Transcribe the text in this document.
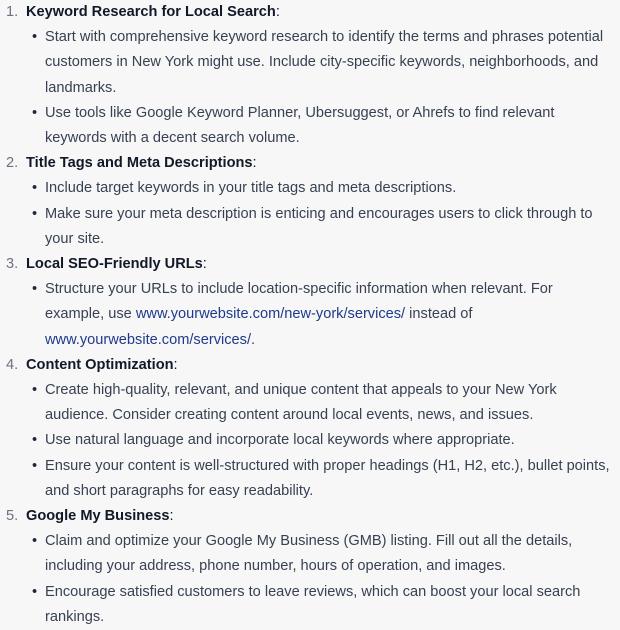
1. Keyword Research for Local Search :
• Start with comprehensive keyword research to identify the terms and phrases potential customers in New York might use. Include city-specific keywords, neighborhoods, and landmarks.
• Use tools like Google Keyword Planner, Ubersuggest, or Ahrefs to find relevant keywords with a decent search volume.
2. Title Tags and Meta Descriptions :
• Include target keywords in your title tags and meta descriptions.
• Make sure your meta description is enticing and encourages users to click through to your site.
3. Local SEO-Friendly URLs :
• Structure your URLs to include location-specific information when relevant. For example, use www.yourwebsite.com/new-york/services/ instead of www.yourwebsite.com/services/.
4. Content Optimization :
• Create high-quality, relevant, and unique content that appeals to your New York audience. Consider creating content around local events, news, and issues.
• Use natural language and incorporate local keywords where appropriate.
• Ensure your content is well-structured with proper headings (H1, H2, etc.), bullet points, and short paragraphs for easy readability.
5. Google My Business :
• Claim and optimize your Google My Business (GMB) listing. Fill out all the details, including your address, phone number, hours of operation, and images.
• Encourage satisfied customers to leave reviews, which can boost your local search rankings.
